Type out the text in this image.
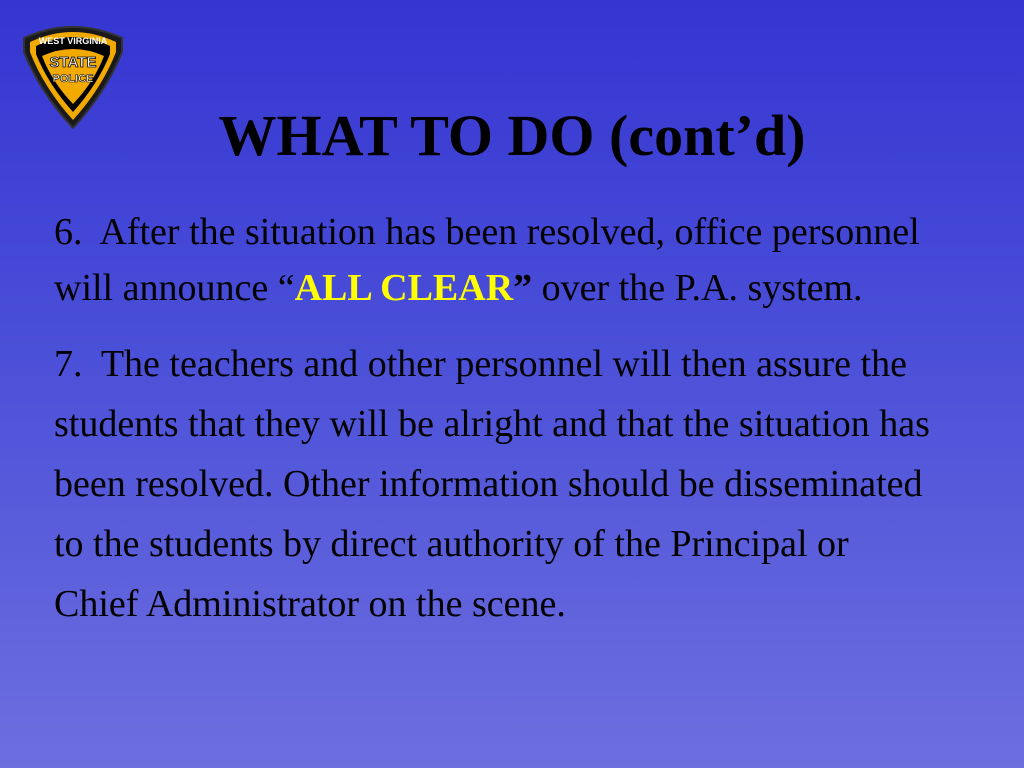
WEST VIRGINIA
STATE
POLICE
WHAT TO DO (cont’d)

6. After the situation has been resolved, office personnel will announce “ALL CLEAR” over the P.A. system.

7. The teachers and other personnel will then assure the students that they will be alright and that the situation has been resolved. Other information should be disseminated to the students by direct authority of the Principal or Chief Administrator on the scene.
